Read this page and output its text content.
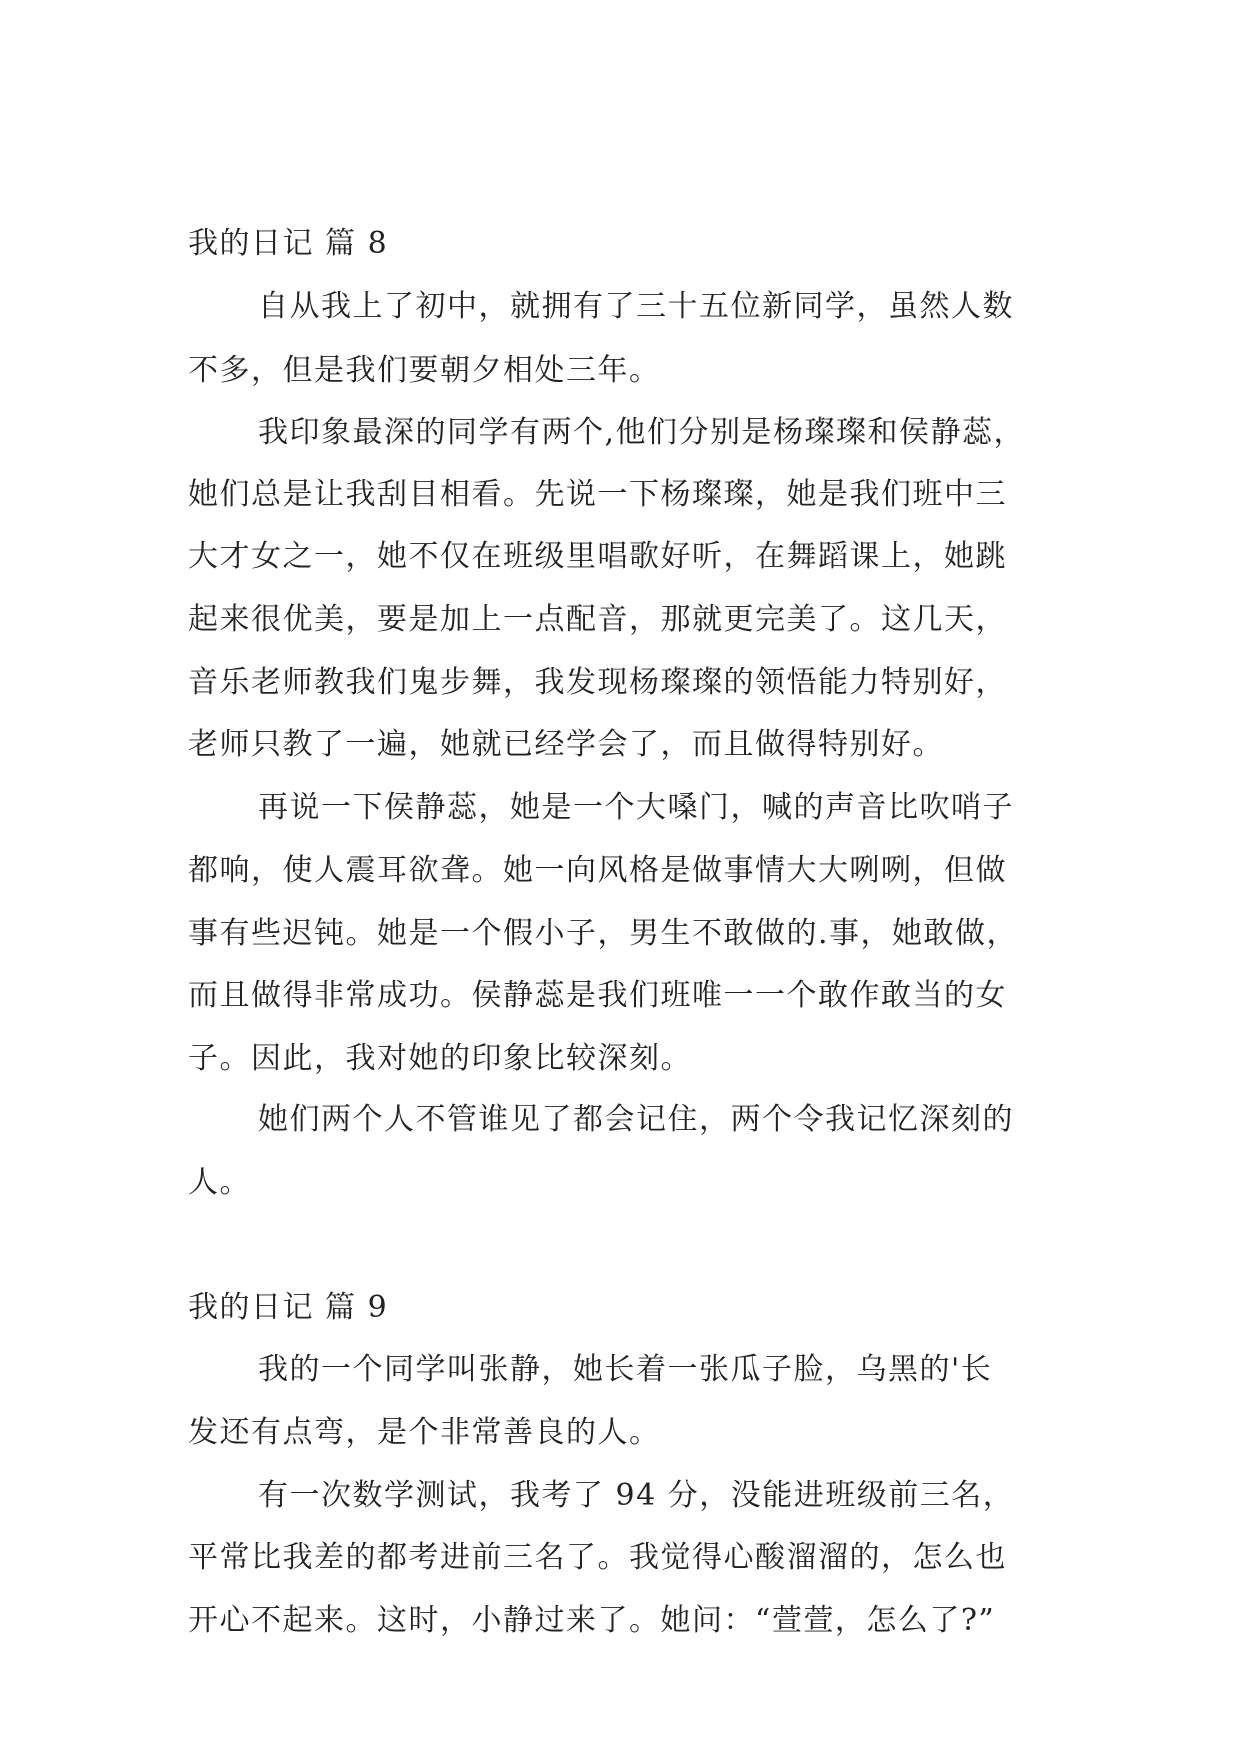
我的日记 篇 8

自从我上了初中，就拥有了三十五位新同学，虽然人数

不多，但是我们要朝夕相处三年。

我印象最深的同学有两个,他们分别是杨璨璨和侯静蕊，

她们总是让我刮目相看。先说一下杨璨璨，她是我们班中三

大才女之一，她不仅在班级里唱歌好听，在舞蹈课上，她跳

起来很优美，要是加上一点配音，那就更完美了。这几天，

音乐老师教我们鬼步舞，我发现杨璨璨的领悟能力特别好，

老师只教了一遍，她就已经学会了，而且做得特别好。

再说一下侯静蕊，她是一个大嗓门，喊的声音比吹哨子

都响，使人震耳欲聋。她一向风格是做事情大大咧咧，但做

事有些迟钝。她是一个假小子，男生不敢做的.事，她敢做，

而且做得非常成功。侯静蕊是我们班唯一一个敢作敢当的女

子。因此，我对她的印象比较深刻。

她们两个人不管谁见了都会记住，两个令我记忆深刻的

人。

我的日记 篇 9

我的一个同学叫张静，她长着一张瓜子脸，乌黑的'长

发还有点弯，是个非常善良的人。

有一次数学测试，我考了 94 分，没能进班级前三名，

平常比我差的都考进前三名了。我觉得心酸溜溜的，怎么也

开心不起来。这时，小静过来了。她问：“萱萱，怎么了?”
